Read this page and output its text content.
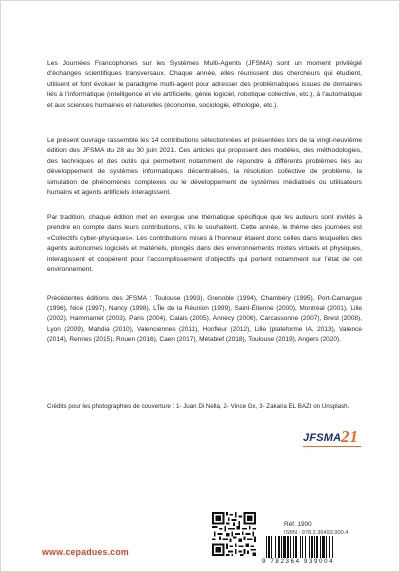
Les Journées Francophones sur les Systèmes Multi-Agents (JFSMA) sont un moment privilégié d’échanges scientifiques transversaux. Chaque année, elles réunissent des chercheurs qui étudient, utilisent et font évoluer le paradigme multi-agent pour adresser des problématiques issues de domaines liés à l’informatique (intelligence et vie artificielle, génie logiciel, robotique collective, etc.), à l’automatique et aux sciences humaines et naturelles (économie, sociologie, éthologie, etc.).

Le présent ouvrage rassemble les 14 contributions sélectionnées et présentées lors de la vingt-neuvième édition des JFSMA du 28 au 30 juin 2021. Ces articles qui proposent des modèles, des méthodologies, des techniques et des outils qui permettent notamment de répondre à différents problèmes liés au développement de systèmes informatiques décentralisés, la résolution collective de problème, la simulation de phénomènes complexes ou le développement de systèmes médiatisés ou utilisateurs humains et agents artificiels interagissent.

Par tradition, chaque édition met en exergue une thématique spécifique que les auteurs sont invités à prendre en compte dans leurs contributions, s’ils le souhaitent. Cette année, le thème des journées est «Collectifs cyber-physiques». Les contributions mises à l’honneur étaient donc celles dans lesquelles des agents autonomes logiciels et matériels, plongés dans des environnements mixtes virtuels et physiques, interagissent et coopèrent pour l’accomplissement d’objectifs qui portent notamment sur l’état de cet environnement.

Précédentes éditions des JFSMA : Toulouse (1993), Grenoble (1994), Chambéry (1995), Port-Camargue (1996), Nice (1997), Nancy (1998), L’Île de la Réunion (1999), Saint-Étienne (2000), Montréal (2001), Lille (2002), Hammamet (2003), Paris (2004), Calais (2005), Annecy (2006), Carcassonne (2007), Brest (2008), Lyon (2009), Mahdia (2010), Valenciennes (2011), Honfleur (2012), Lille (plateforme IA, 2013), Valence (2014), Rennes (2015), Rouen (2016), Caen (2017), Métabief (2018), Toulouse (2019), Angers (2020).

Crédits pour les photographies de couverture : 1- Juan Di Nella, 2- Vince Gx, 3- Zakaria EL BAZI on Unsplash.

JFSMA 21
Réf. 1900
ISBN : 978.2.36493.900.4
www.cepadues.com
9 782364 939004
